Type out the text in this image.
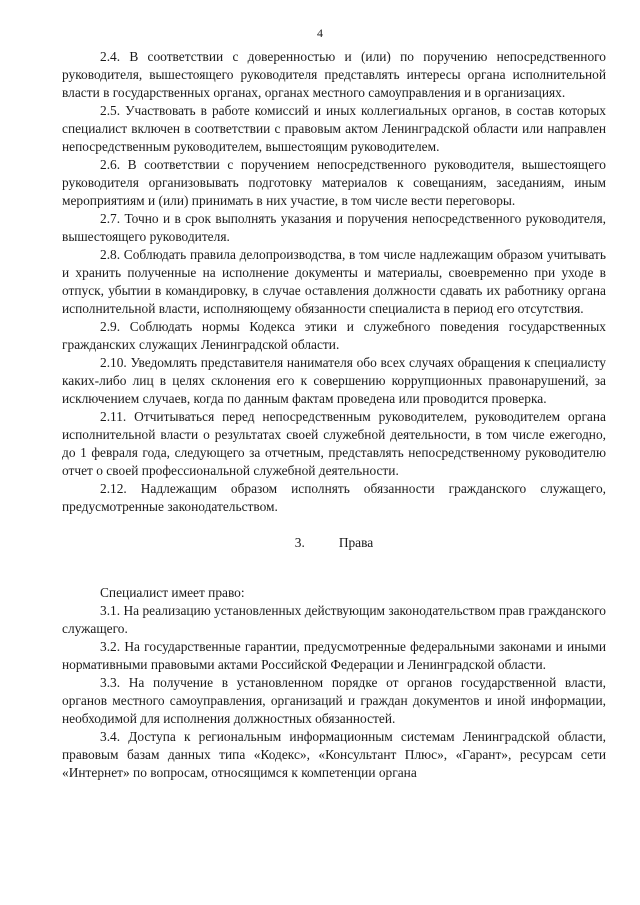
4

2.4. В соответствии с доверенностью и (или) по поручению непосредственного руководителя, вышестоящего руководителя представлять интересы органа исполнительной власти в государственных органах, органах местного самоуправления и в организациях.

2.5. Участвовать в работе комиссий и иных коллегиальных органов, в состав которых специалист включен в соответствии с правовым актом Ленинградской области или направлен непосредственным руководителем, вышестоящим руководителем.

2.6. В соответствии с поручением непосредственного руководителя, вышестоящего руководителя организовывать подготовку материалов к совещаниям, заседаниям, иным мероприятиям и (или) принимать в них участие, в том числе вести переговоры.

2.7. Точно и в срок выполнять указания и поручения непосредственного руководителя, вышестоящего руководителя.

2.8. Соблюдать правила делопроизводства, в том числе надлежащим образом учитывать и хранить полученные на исполнение документы и материалы, своевременно при уходе в отпуск, убытии в командировку, в случае оставления должности сдавать их работнику органа исполнительной власти, исполняющему обязанности специалиста в период его отсутствия.

2.9. Соблюдать нормы Кодекса этики и служебного поведения государственных гражданских служащих Ленинградской области.

2.10. Уведомлять представителя нанимателя обо всех случаях обращения к специалисту каких-либо лиц в целях склонения его к совершению коррупционных правонарушений, за исключением случаев, когда по данным фактам проведена или проводится проверка.

2.11. Отчитываться перед непосредственным руководителем, руководителем органа исполнительной власти о результатах своей служебной деятельности, в том числе ежегодно, до 1 февраля года, следующего за отчетным, представлять непосредственному руководителю отчет о своей профессиональной служебной деятельности.

2.12. Надлежащим образом исполнять обязанности гражданского служащего, предусмотренные законодательством.

3.	Права

Специалист имеет право:

3.1. На реализацию установленных действующим законодательством прав гражданского служащего.

3.2. На государственные гарантии, предусмотренные федеральными законами и иными нормативными правовыми актами Российской Федерации и Ленинградской области.

3.3. На получение в установленном порядке от органов государственной власти, органов местного самоуправления, организаций и граждан документов и иной информации, необходимой для исполнения должностных обязанностей.

3.4. Доступа к региональным информационным системам Ленинградской области, правовым базам данных типа «Кодекс», «Консультант Плюс», «Гарант», ресурсам сети «Интернет» по вопросам, относящимся к компетенции органа
